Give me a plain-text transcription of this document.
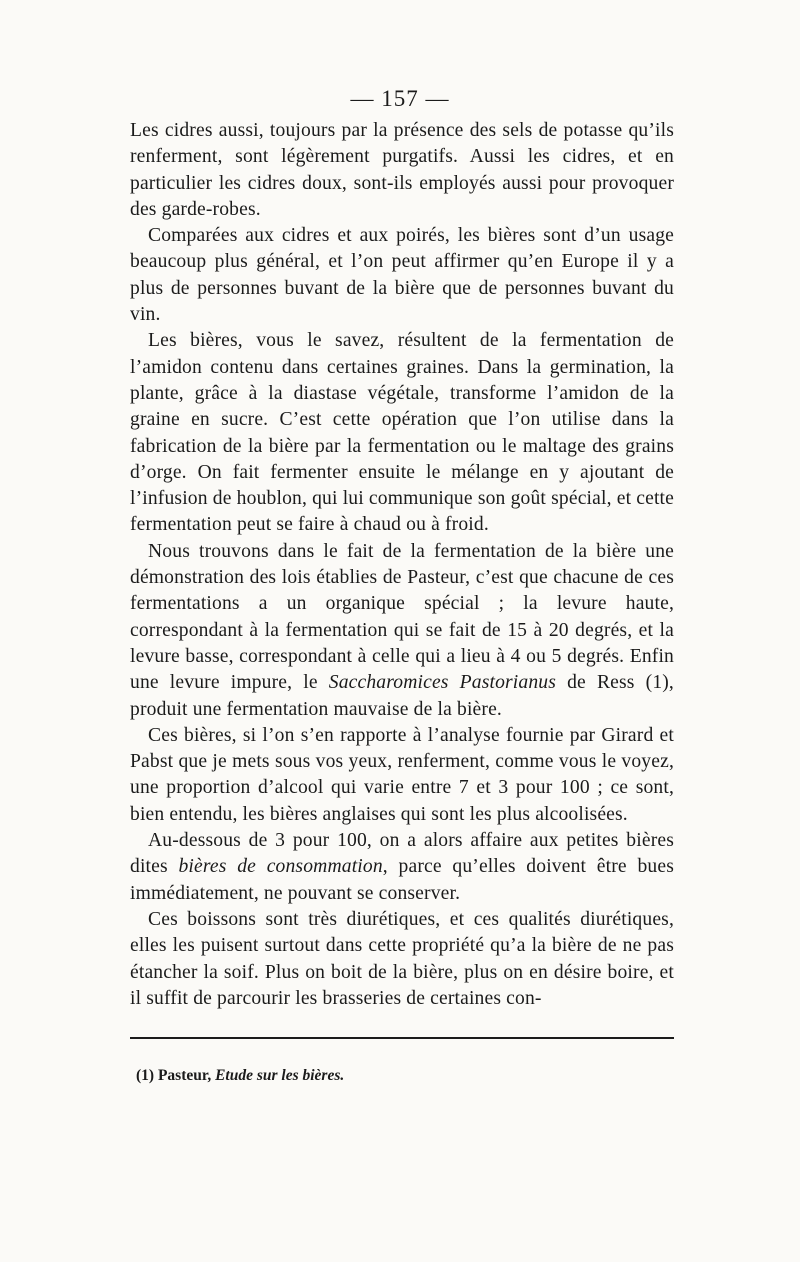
— 157 —

Les cidres aussi, toujours par la présence des sels de potasse qu’ils renferment, sont légèrement purgatifs. Aussi les cidres, et en particulier les cidres doux, sont-ils employés aussi pour provoquer des garde-robes.

Comparées aux cidres et aux poirés, les bières sont d’un usage beaucoup plus général, et l’on peut affirmer qu’en Europe il y a plus de personnes buvant de la bière que de personnes buvant du vin.

Les bières, vous le savez, résultent de la fermentation de l’amidon contenu dans certaines graines. Dans la germination, la plante, grâce à la diastase végétale, transforme l’amidon de la graine en sucre. C’est cette opération que l’on utilise dans la fabrication de la bière par la fermentation ou le maltage des grains d’orge. On fait fermenter ensuite le mélange en y ajoutant de l’infusion de houblon, qui lui communique son goût spécial, et cette fermentation peut se faire à chaud ou à froid.

Nous trouvons dans le fait de la fermentation de la bière une démonstration des lois établies de Pasteur, c’est que chacune de ces fermentations a un organique spécial ; la levure haute, correspondant à la fermentation qui se fait de 15 à 20 degrés, et la levure basse, correspondant à celle qui a lieu à 4 ou 5 degrés. Enfin une levure impure, le Saccharomices Pastorianus de Ress (1), produit une fermentation mauvaise de la bière.

Ces bières, si l’on s’en rapporte à l’analyse fournie par Girard et Pabst que je mets sous vos yeux, renferment, comme vous le voyez, une proportion d’alcool qui varie entre 7 et 3 pour 100 ; ce sont, bien entendu, les bières anglaises qui sont les plus alcoolisées.

Au-dessous de 3 pour 100, on a alors affaire aux petites bières dites bières de consommation, parce qu’elles doivent être bues immédiatement, ne pouvant se conserver.

Ces boissons sont très diurétiques, et ces qualités diurétiques, elles les puisent surtout dans cette propriété qu’a la bière de ne pas étancher la soif. Plus on boit de la bière, plus on en désire boire, et il suffit de parcourir les brasseries de certaines con-

(1) Pasteur, Etude sur les bières.
